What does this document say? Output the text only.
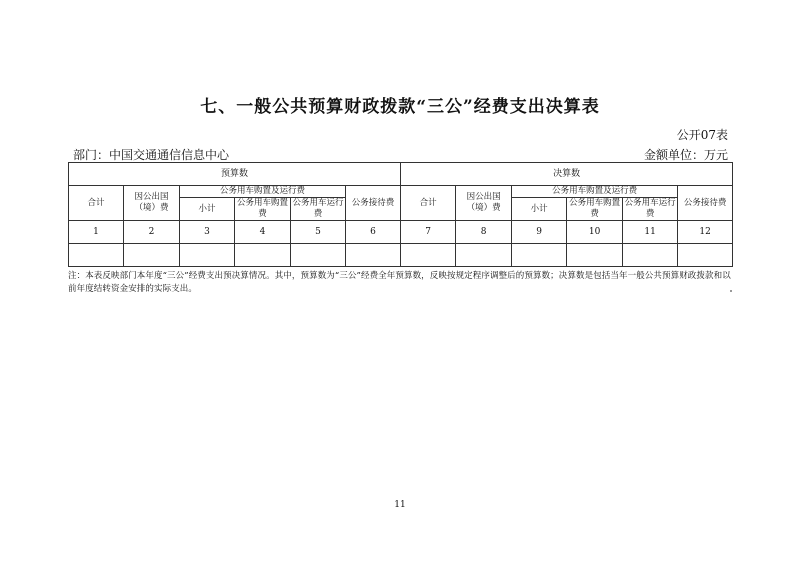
七、一般公共预算财政拨款“三公”经费支出决算表
公开07表
部门：中国交通通信信息中心	金额单位：万元
预算数						决算数					
合计	因公出国（境）费	公务用车购置及运行费			公务接待费	合计	因公出国（境）费	公务用车购置及运行费			公务接待费
		小计	公务用车购置费	公务用车运行费				小计	公务用车购置费	公务用车运行费	
1	2	3	4	5	6	7	8	9	10	11	12

注：本表反映部门本年度“三公”经费支出预决算情况。其中，预算数为“三公”经费全年预算数，反映按规定程序调整后的预算数；决算数是包括当年一般公共预算财政拨款和以前年度结转资金安排的实际支出。
11
